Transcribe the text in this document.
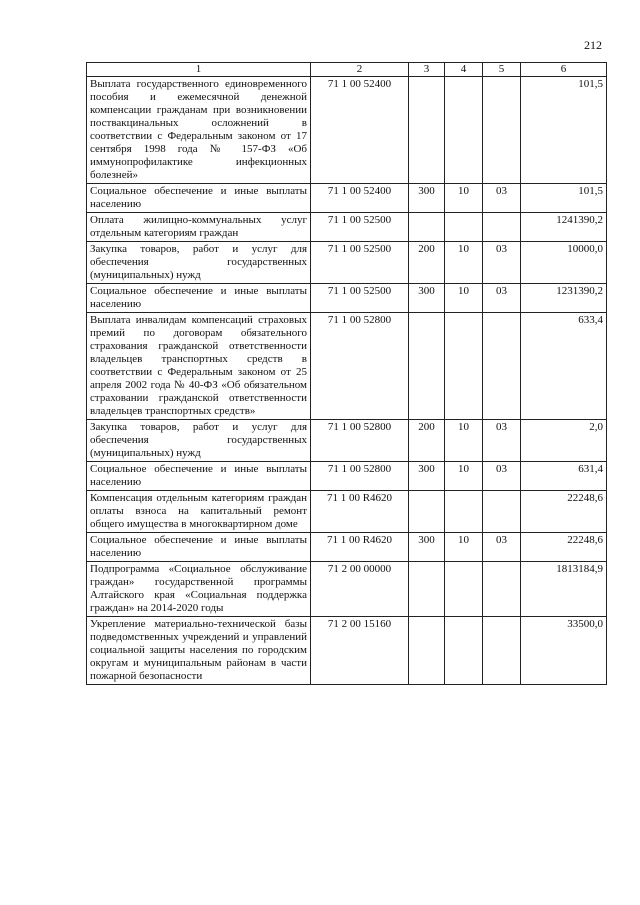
212
1	2	3	4	5	6
Выплата государственного единовременного пособия и ежемесячной денежной компенсации гражданам при возникновении поствакцинальных осложнений в соответствии с Федеральным законом от 17 сентября 1998 года № 157-ФЗ «Об иммунопрофилактике инфекционных болезней»	71 1 00 52400				101,5
Социальное обеспечение и иные выплаты населению	71 1 00 52400	300	10	03	101,5
Оплата жилищно-коммунальных услуг отдельным категориям граждан	71 1 00 52500				1241390,2
Закупка товаров, работ и услуг для обеспечения государственных (муниципальных) нужд	71 1 00 52500	200	10	03	10000,0
Социальное обеспечение и иные выплаты населению	71 1 00 52500	300	10	03	1231390,2
Выплата инвалидам компенсаций страховых премий по договорам обязательного страхования гражданской ответственности владельцев транспортных средств в соответствии с Федеральным законом от 25 апреля 2002 года № 40-ФЗ «Об обязательном страховании гражданской ответственности владельцев транспортных средств»	71 1 00 52800				633,4
Закупка товаров, работ и услуг для обеспечения государственных (муниципальных) нужд	71 1 00 52800	200	10	03	2,0
Социальное обеспечение и иные выплаты населению	71 1 00 52800	300	10	03	631,4
Компенсация отдельным категориям граждан оплаты взноса на капитальный ремонт общего имущества в многоквартирном доме	71 1 00 R4620				22248,6
Социальное обеспечение и иные выплаты населению	71 1 00 R4620	300	10	03	22248,6
Подпрограмма «Социальное обслуживание граждан» государственной программы Алтайского края «Социальная поддержка граждан» на 2014-2020 годы	71 2 00 00000				1813184,9
Укрепление материально-технической базы подведомственных учреждений и управлений социальной защиты населения по городским округам и муниципальным районам в части пожарной безопасности	71 2 00 15160				33500,0
